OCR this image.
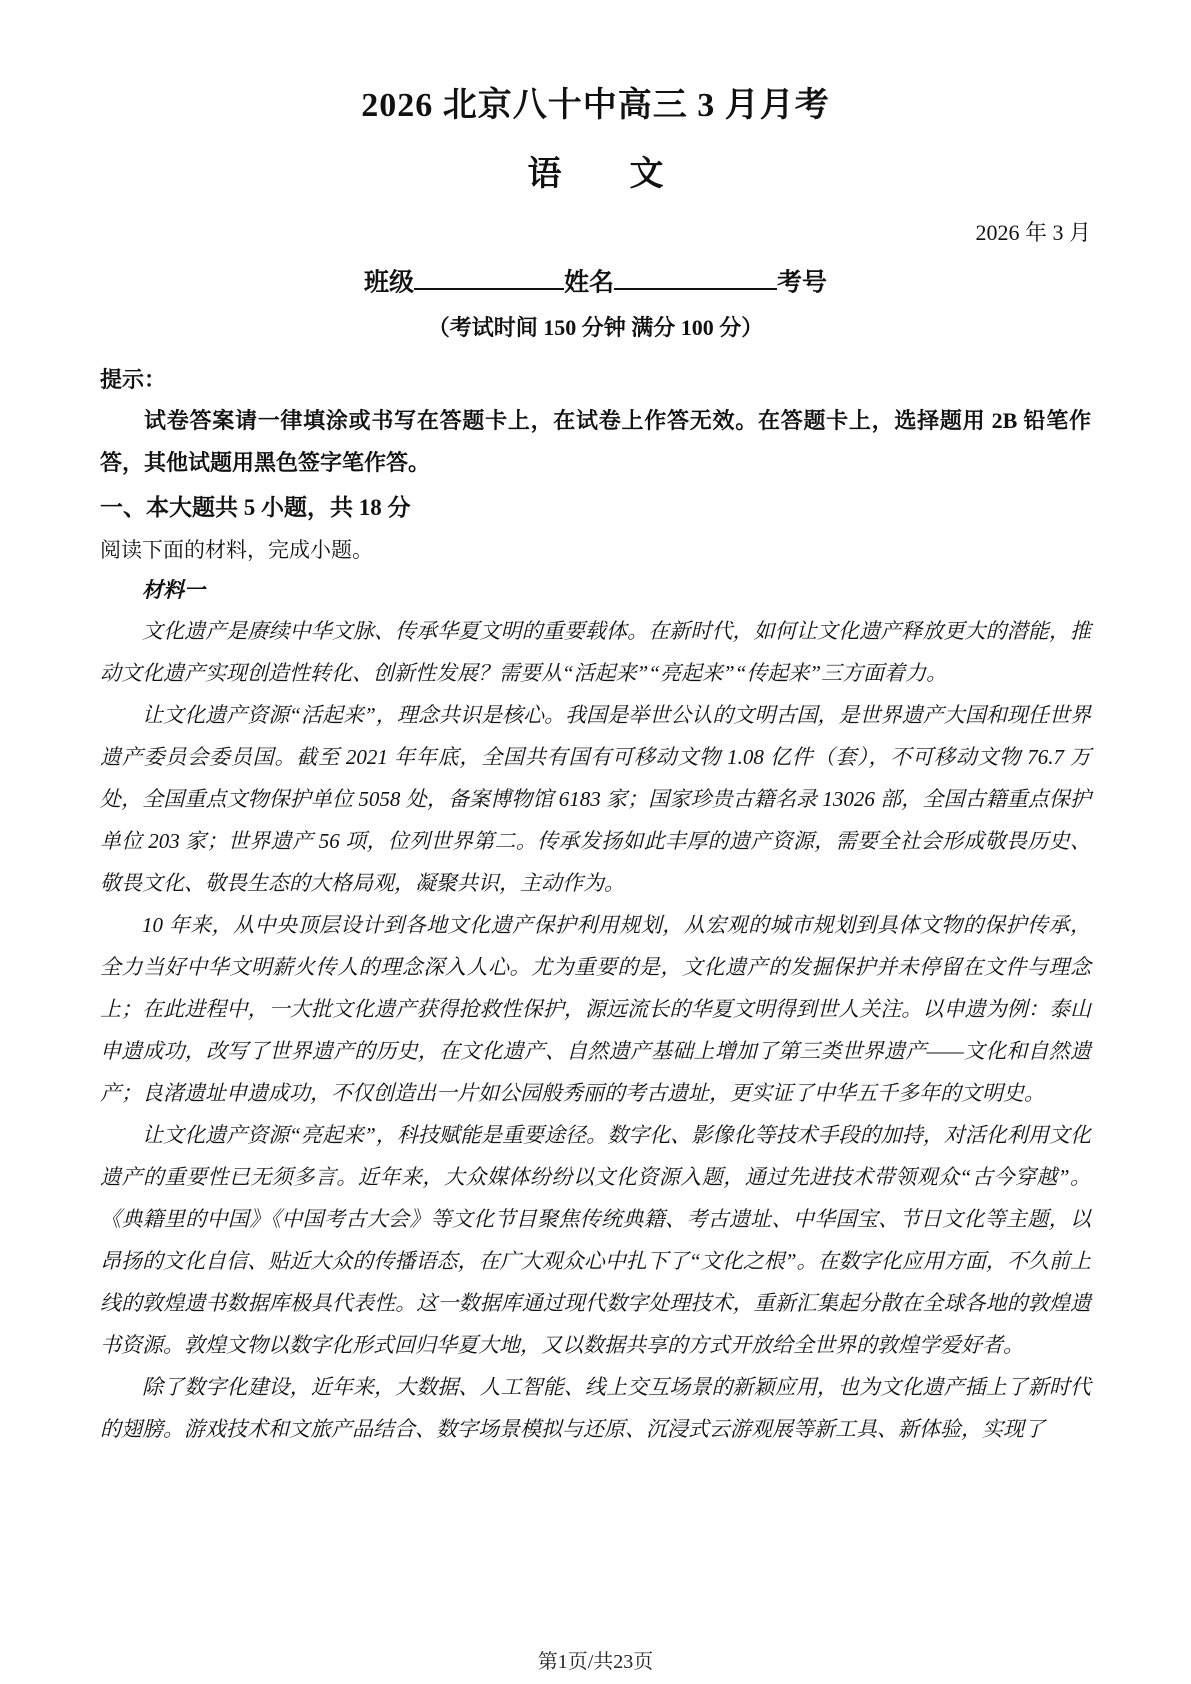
2026 北京八十中高三 3 月月考
语　　文
2026 年 3 月
班级	姓名	考号
（考试时间 150 分钟 满分 100 分）
提示：

试卷答案请一律填涂或书写在答题卡上，在试卷上作答无效。在答题卡上，选择题用 2B 铅笔作答，其他试题用黑色签字笔作答。

一、本大题共 5 小题，共 18 分
阅读下面的材料，完成小题。
材料一

文化遗产是赓续中华文脉、传承华夏文明的重要载体。在新时代，如何让文化遗产释放更大的潜能，推动文化遗产实现创造性转化、创新性发展？需要从“活起来”“亮起来”“传起来”三方面着力。

让文化遗产资源“活起来”，理念共识是核心。我国是举世公认的文明古国，是世界遗产大国和现任世界遗产委员会委员国。截至 2021 年年底，全国共有国有可移动文物 1.08 亿件（套），不可移动文物 76.7 万处，全国重点文物保护单位 5058 处，备案博物馆 6183 家；国家珍贵古籍名录 13026 部，全国古籍重点保护单位 203 家；世界遗产 56 项，位列世界第二。传承发扬如此丰厚的遗产资源，需要全社会形成敬畏历史、敬畏文化、敬畏生态的大格局观，凝聚共识，主动作为。

10 年来，从中央顶层设计到各地文化遗产保护利用规划，从宏观的城市规划到具体文物的保护传承，全力当好中华文明薪火传人的理念深入人心。尤为重要的是，文化遗产的发掘保护并未停留在文件与理念上；在此进程中，一大批文化遗产获得抢救性保护，源远流长的华夏文明得到世人关注。以申遗为例：泰山申遗成功，改写了世界遗产的历史，在文化遗产、自然遗产基础上增加了第三类世界遗产——文化和自然遗产；良渚遗址申遗成功，不仅创造出一片如公园般秀丽的考古遗址，更实证了中华五千多年的文明史。

让文化遗产资源“亮起来”，科技赋能是重要途径。数字化、影像化等技术手段的加持，对活化利用文化遗产的重要性已无须多言。近年来，大众媒体纷纷以文化资源入题，通过先进技术带领观众“古今穿越”。《典籍里的中国》《中国考古大会》等文化节目聚焦传统典籍、考古遗址、中华国宝、节日文化等主题，以昂扬的文化自信、贴近大众的传播语态，在广大观众心中扎下了“文化之根”。在数字化应用方面，不久前上线的敦煌遗书数据库极具代表性。这一数据库通过现代数字处理技术，重新汇集起分散在全球各地的敦煌遗书资源。敦煌文物以数字化形式回归华夏大地，又以数据共享的方式开放给全世界的敦煌学爱好者。

除了数字化建设，近年来，大数据、人工智能、线上交互场景的新颖应用，也为文化遗产插上了新时代的翅膀。游戏技术和文旅产品结合、数字场景模拟与还原、沉浸式云游观展等新工具、新体验，实现了

第1页/共23页
